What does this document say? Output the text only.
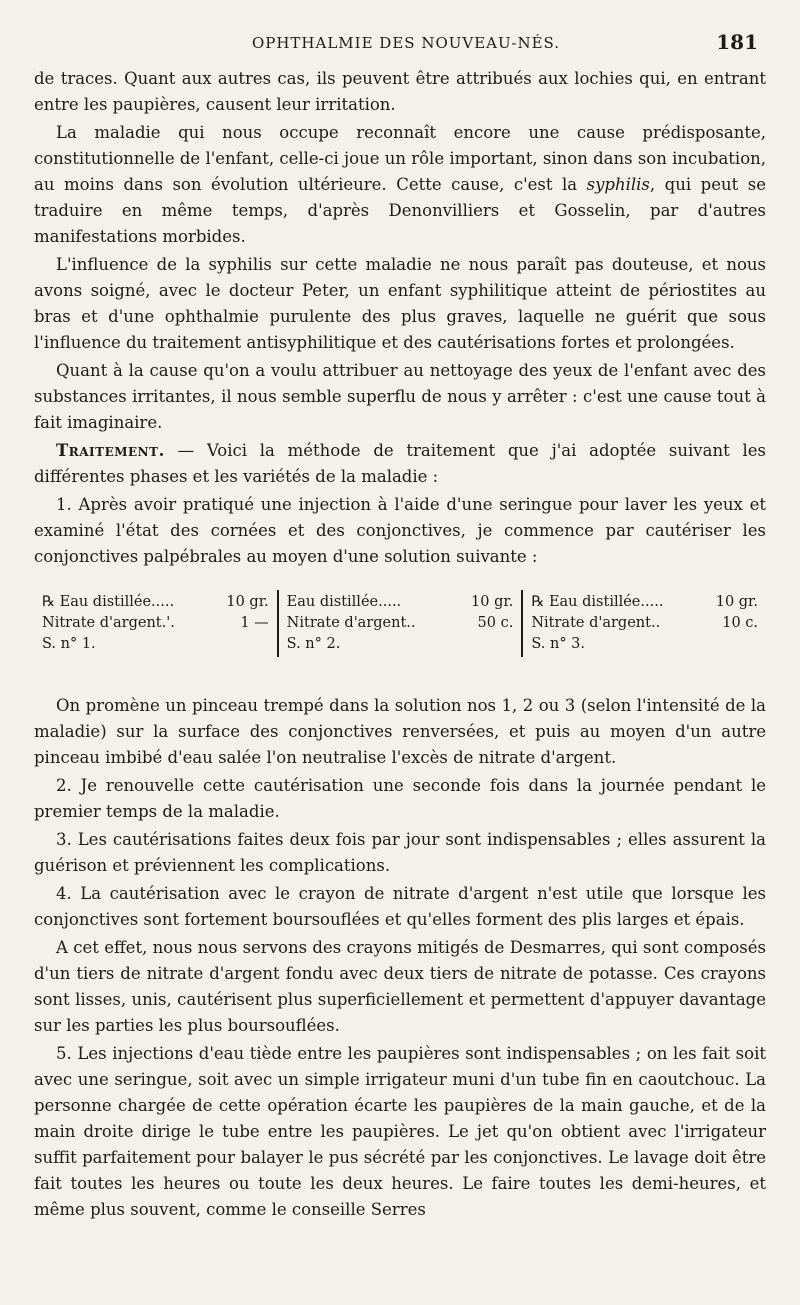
OPHTHALMIE DES NOUVEAU-NÉS.	181

de traces. Quant aux autres cas, ils peuvent être attribués aux lochies qui, en entrant entre les paupières, causent leur irritation.

La maladie qui nous occupe reconnaît encore une cause prédisposante, constitutionnelle de l'enfant, celle-ci joue un rôle important, sinon dans son incubation, au moins dans son évolution ultérieure. Cette cause, c'est la syphilis, qui peut se traduire en même temps, d'après Denonvilliers et Gosselin, par d'autres manifestations morbides.

L'influence de la syphilis sur cette maladie ne nous paraît pas douteuse, et nous avons soigné, avec le docteur Peter, un enfant syphilitique atteint de périostites au bras et d'une ophthalmie purulente des plus graves, laquelle ne guérit que sous l'influence du traitement antisyphilitique et des cautérisations fortes et prolongées.

Quant à la cause qu'on a voulu attribuer au nettoyage des yeux de l'enfant avec des substances irritantes, il nous semble superflu de nous y arrêter : c'est une cause tout à fait imaginaire.

Traitement. — Voici la méthode de traitement que j'ai adoptée suivant les différentes phases et les variétés de la maladie :

1. Après avoir pratiqué une injection à l'aide d'une seringue pour laver les yeux et examiné l'état des cornées et des conjonctives, je commence par cautériser les conjonctives palpébrales au moyen d'une solution suivante :

℞ Eau distillée.....	10 gr.
Nitrate d'argent.'.	1 —
S. n° 1.
Eau distillée.....	10 gr.
Nitrate d'argent..	50 c.
S. n° 2.
℞ Eau distillée.....	10 gr.
Nitrate d'argent..	10 c.
S. n° 3.

On promène un pinceau trempé dans la solution nos 1, 2 ou 3 (selon l'intensité de la maladie) sur la surface des conjonctives renversées, et puis au moyen d'un autre pinceau imbibé d'eau salée l'on neutralise l'excès de nitrate d'argent.

2. Je renouvelle cette cautérisation une seconde fois dans la journée pendant le premier temps de la maladie.

3. Les cautérisations faites deux fois par jour sont indispensables ; elles assurent la guérison et préviennent les complications.

4. La cautérisation avec le crayon de nitrate d'argent n'est utile que lorsque les conjonctives sont fortement boursouflées et qu'elles forment des plis larges et épais.

A cet effet, nous nous servons des crayons mitigés de Desmarres, qui sont composés d'un tiers de nitrate d'argent fondu avec deux tiers de nitrate de potasse. Ces crayons sont lisses, unis, cautérisent plus superficiellement et permettent d'appuyer davantage sur les parties les plus boursouflées.

5. Les injections d'eau tiède entre les paupières sont indispensables ; on les fait soit avec une seringue, soit avec un simple irrigateur muni d'un tube fin en caoutchouc. La personne chargée de cette opération écarte les paupières de la main gauche, et de la main droite dirige le tube entre les paupières. Le jet qu'on obtient avec l'irrigateur suffit parfaitement pour balayer le pus sécrété par les conjonctives. Le lavage doit être fait toutes les heures ou toute les deux heures. Le faire toutes les demi-heures, et même plus souvent, comme le conseille Serres
